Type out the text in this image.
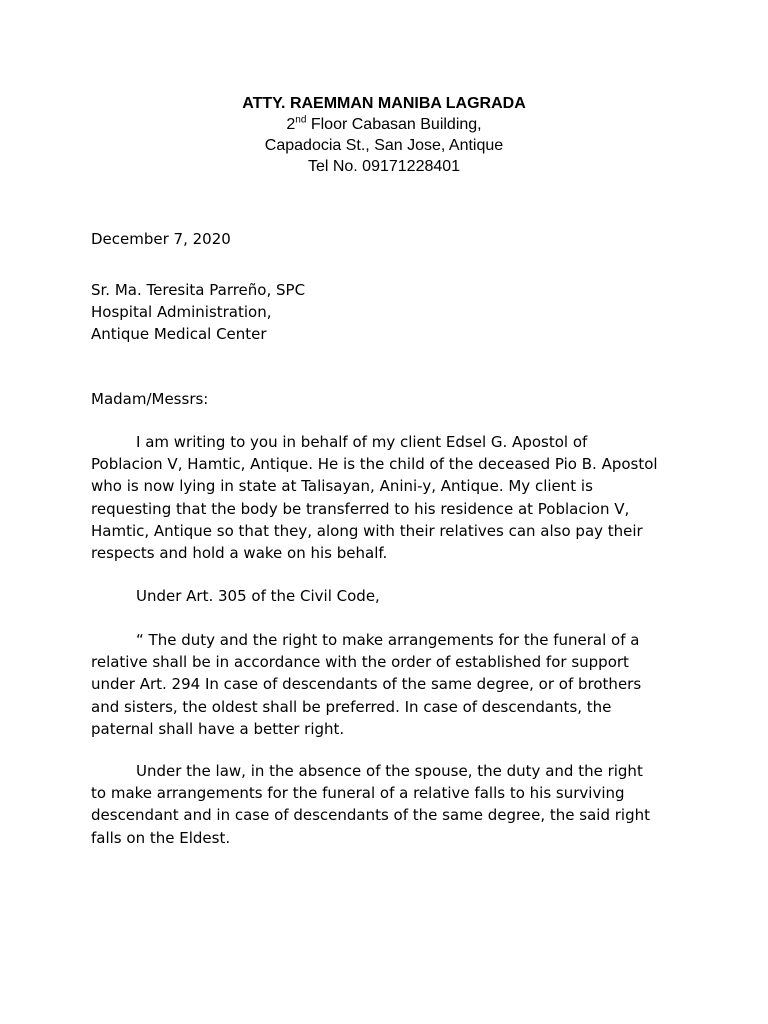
ATTY. RAEMMAN MANIBA LAGRADA
2nd Floor Cabasan Building,
Capadocia St., San Jose, Antique
Tel No. 09171228401

December 7, 2020

Sr. Ma. Teresita Parreño, SPC
Hospital Administration,
Antique Medical Center

Madam/Messrs:

I am writing to you in behalf of my client Edsel G. Apostol of
Poblacion V, Hamtic, Antique. He is the child of the deceased Pio B. Apostol
who is now lying in state at Talisayan, Anini-y, Antique. My client is
requesting that the body be transferred to his residence at Poblacion V,
Hamtic, Antique so that they, along with their relatives can also pay their
respects and hold a wake on his behalf.
Under Art. 305 of the Civil Code,
“ The duty and the right to make arrangements for the funeral of a
relative shall be in accordance with the order of established for support
under Art. 294 In case of descendants of the same degree, or of brothers
and sisters, the oldest shall be preferred. In case of descendants, the
paternal shall have a better right.
Under the law, in the absence of the spouse, the duty and the right
to make arrangements for the funeral of a relative falls to his surviving
descendant and in case of descendants of the same degree, the said right
falls on the Eldest.
